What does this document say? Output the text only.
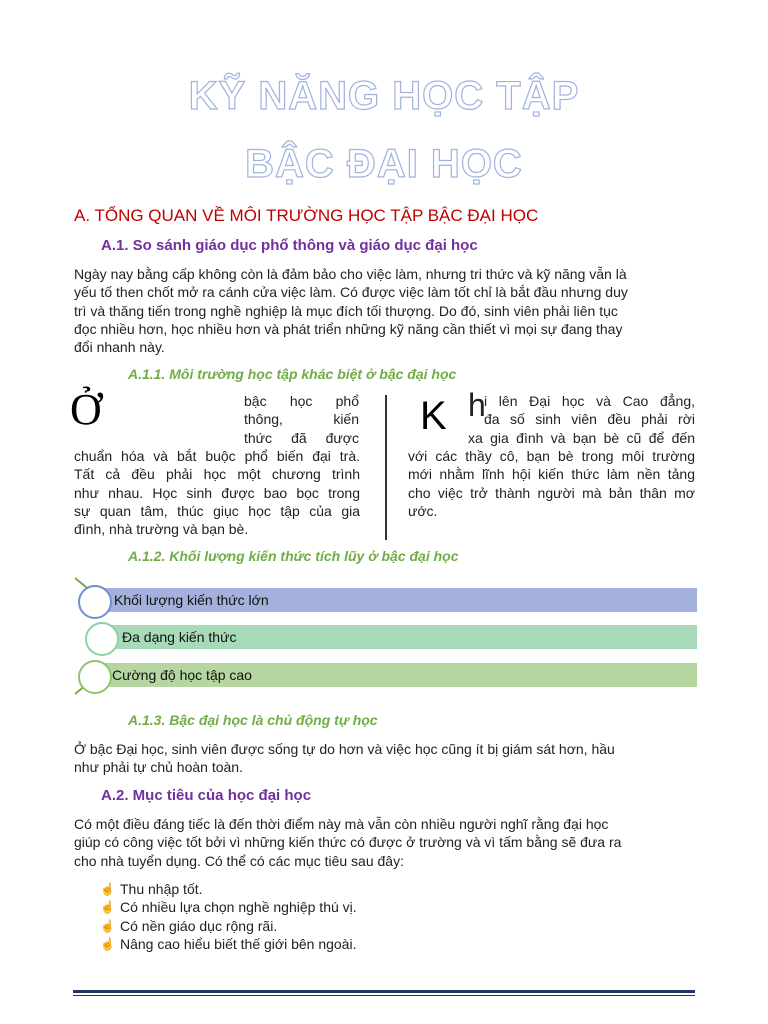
KỸ NĂNG HỌC TẬP
BẬC ĐẠI HỌC
A. TỔNG QUAN VỀ MÔI TRƯỜNG HỌC TẬP BẬC ĐẠI HỌC
A.1. So sánh giáo dục phổ thông và giáo dục đại học
Ngày nay bằng cấp không còn là đảm bảo cho việc làm, nhưng tri thức và kỹ năng vẫn là
yếu tố then chốt mở ra cánh cửa việc làm. Có được việc làm tốt chỉ là bắt đầu nhưng duy
trì và thăng tiến trong nghề nghiệp là mục đích tối thượng. Do đó, sinh viên phải liên tục
đọc nhiều hơn, học nhiều hơn và phát triển những kỹ năng cần thiết vì mọi sự đang thay
đổi nhanh này.
A.1.1. Môi trường học tập khác biệt ở bậc đại học
Ở	bậc học phổ
thông, kiến
thức đã được
chuẩn hóa và bắt buộc phổ biến đại trà.
Tất cả đều phải học một chương trình
như nhau. Học sinh được bao bọc trong
sự quan tâm, thúc giục học tập của gia
đình, nhà trường và bạn bè.
K h
i lên Đại học và Cao đẳng,
đa số sinh viên đều phải rời
xa gia đình và bạn bè cũ để đến
với các thầy cô, bạn bè trong môi trường
mới nhằm lĩnh hội kiến thức làm nền tảng
cho việc trở thành người mà bản thân mơ
ước.
A.1.2. Khối lượng kiến thức tích lũy ở bậc đại học
Khối lượng kiến thức lớn
Đa dạng kiến thức
Cường độ học tập cao
A.1.3. Bậc đại học là chủ động tự học
Ở bậc Đại học, sinh viên được sống tự do hơn và việc học cũng ít bị giám sát hơn, hầu
như phải tự chủ hoàn toàn.
A.2. Mục tiêu của học đại học
Có một điều đáng tiếc là đến thời điểm này mà vẫn còn nhiều người nghĩ rằng đại học
giúp có công việc tốt bởi vì những kiến thức có được ở trường và vì tấm bằng sẽ đưa ra
cho nhà tuyển dụng. Có thể có các mục tiêu sau đây:
☝ Thu nhập tốt.
☝ Có nhiều lựa chọn nghề nghiệp thú vị.
☝ Có nền giáo dục rộng rãi.
☝ Nâng cao hiểu biết thế giới bên ngoài.
